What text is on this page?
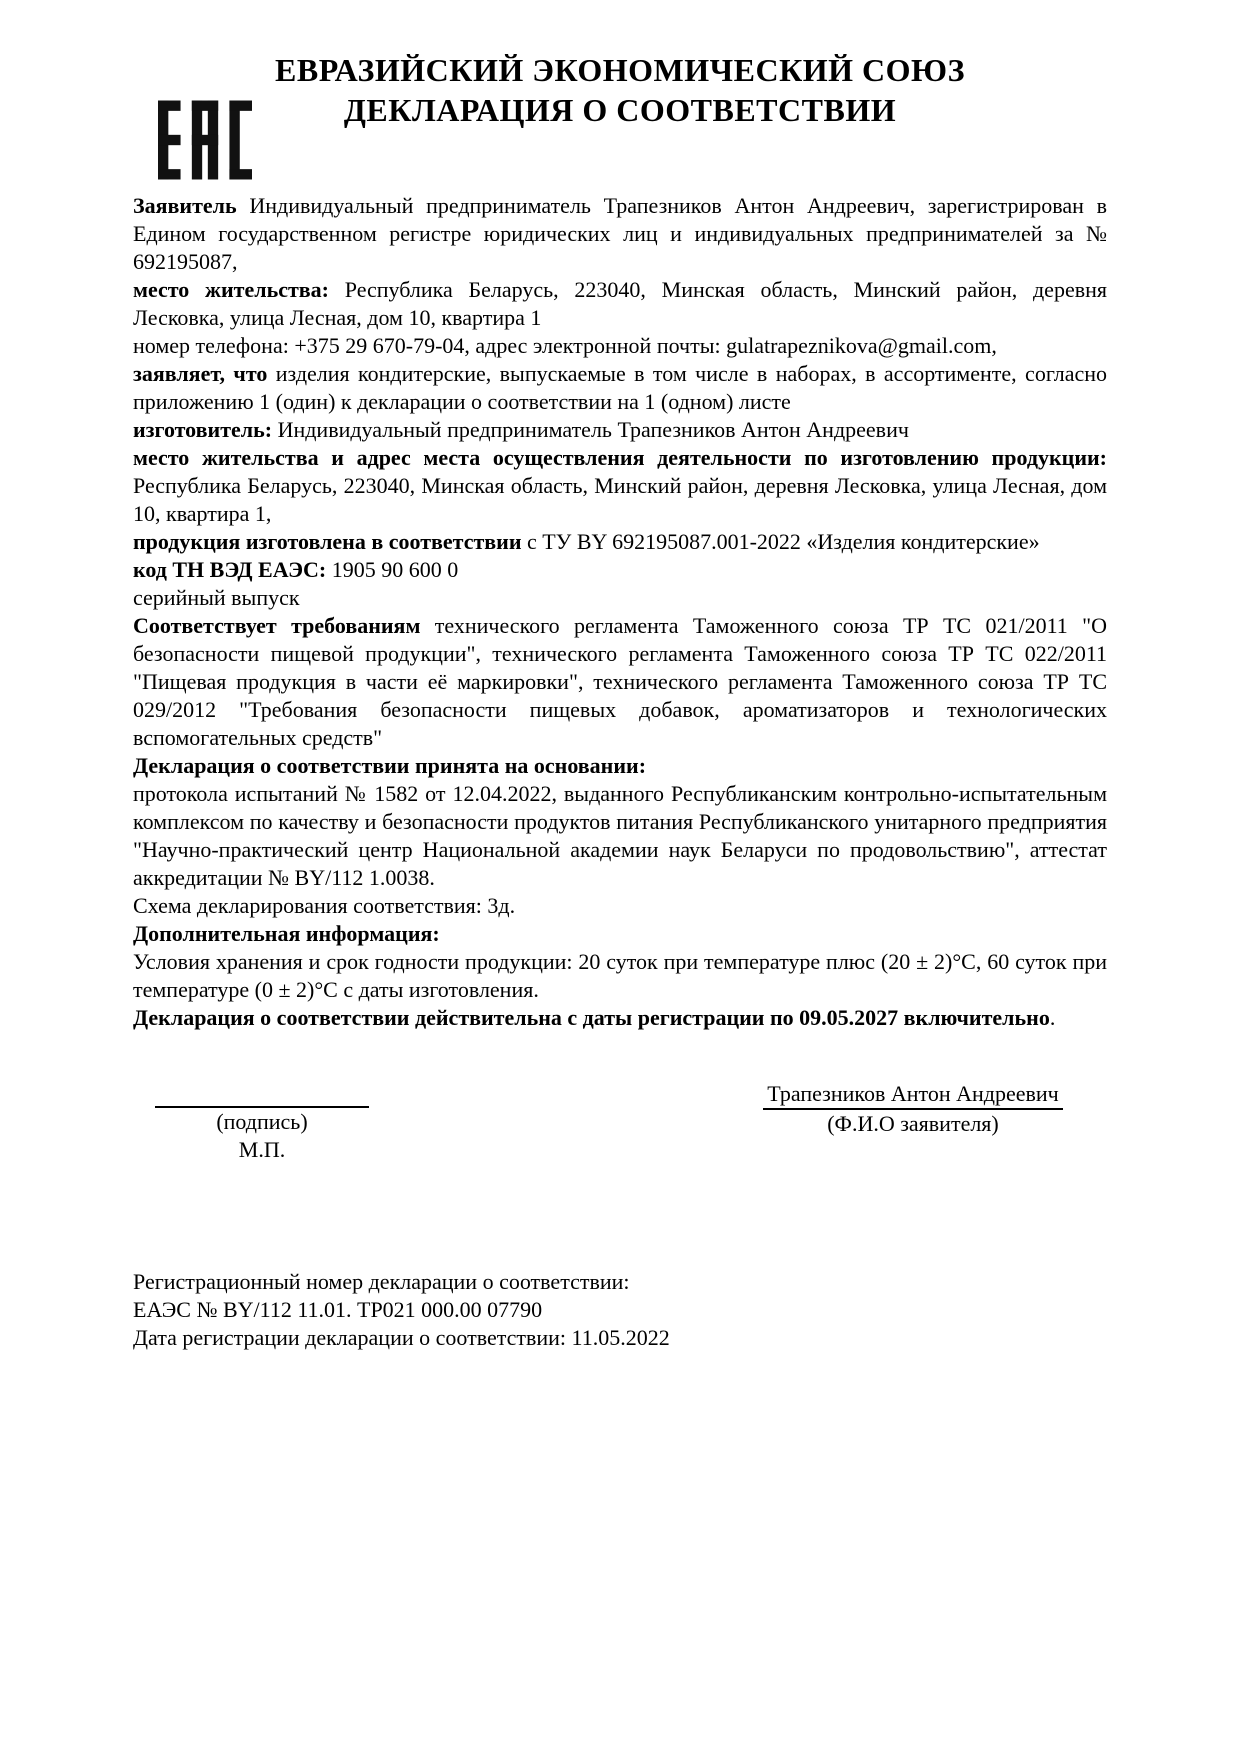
ЕВРАЗИЙСКИЙ ЭКОНОМИЧЕСКИЙ СОЮЗ
ДЕКЛАРАЦИЯ О СООТВЕТСТВИИ

Заявитель Индивидуальный предприниматель Трапезников Антон Андреевич, зарегистрирован в Едином государственном регистре юридических лиц и индивидуальных предпринимателей за № 692195087,

место жительства: Республика Беларусь, 223040, Минская область, Минский район, деревня Лесковка, улица Лесная, дом 10, квартира 1

номер телефона: +375 29 670-79-04, адрес электронной почты: gulatrapeznikova@gmail.com,

заявляет, что изделия кондитерские, выпускаемые в том числе в наборах, в ассортименте, согласно приложению 1 (один) к декларации о соответствии на 1 (одном) листе

изготовитель: Индивидуальный предприниматель Трапезников Антон Андреевич

место жительства и адрес места осуществления деятельности по изготовлению продукции: Республика Беларусь, 223040, Минская область, Минский район, деревня Лесковка, улица Лесная, дом 10, квартира 1,

продукция изготовлена в соответствии с ТУ BY 692195087.001-2022 «Изделия кондитерские»

код ТН ВЭД ЕАЭС: 1905 90 600 0

серийный выпуск

Соответствует требованиям технического регламента Таможенного союза ТР ТС 021/2011 "О безопасности пищевой продукции", технического регламента Таможенного союза ТР ТС 022/2011 "Пищевая продукция в части её маркировки", технического регламента Таможенного союза ТР ТС 029/2012 "Требования безопасности пищевых добавок, ароматизаторов и технологических вспомогательных средств"

Декларация о соответствии принята на основании:

протокола испытаний № 1582 от 12.04.2022, выданного Республиканским контрольно-испытательным комплексом по качеству и безопасности продуктов питания Республиканского унитарного предприятия "Научно-практический центр Национальной академии наук Беларуси по продовольствию", аттестат аккредитации № BY/112 1.0038.

Схема декларирования соответствия: 3д.

Дополнительная информация:

Условия хранения и срок годности продукции: 20 суток при температуре плюс (20 ± 2)°С, 60 суток при температуре (0 ± 2)°С с даты изготовления.

Декларация о соответствии действительна с даты регистрации по 09.05.2027 включительно.

(подпись)
М.П.
Трапезников Антон Андреевич
(Ф.И.О заявителя)
Регистрационный номер декларации о соответствии:
ЕАЭС № BY/112 11.01. ТР021 000.00 07790
Дата регистрации декларации о соответствии: 11.05.2022
